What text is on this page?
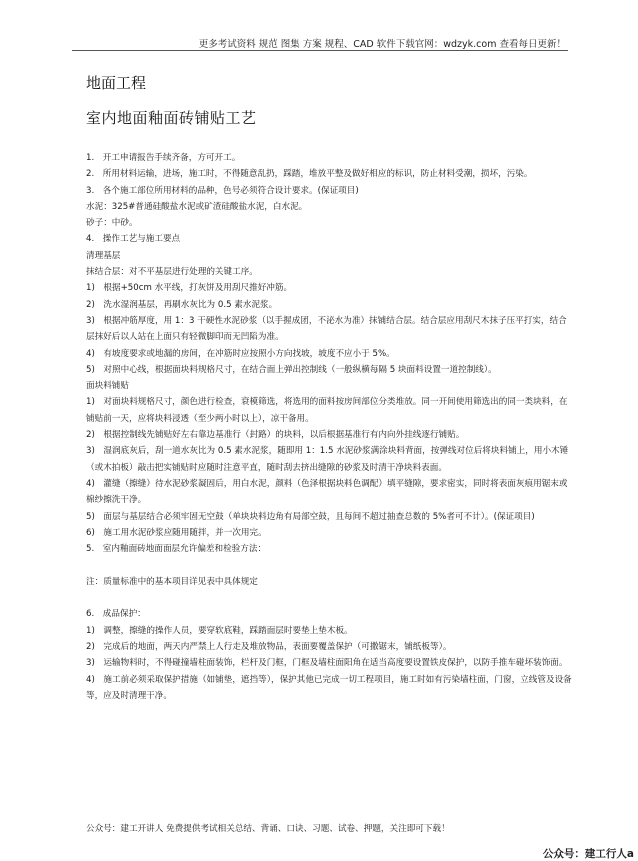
更多考试资料 规范 图集 方案 规程、CAD 软件下载官网：wdzyk.com 查看每日更新！
地面工程
室内地面釉面砖铺贴工艺

1.　开工申请报告手续齐备，方可开工。

2.　所用材料运输，进场，施工时，不得随意乱扔，踩踏，堆放平整及做好相应的标识，防止材料受潮，损坏，污染。

3.　各个施工部位所用材料的品种，色号必须符合设计要求。(保证项目)

水泥：325#普通硅酸盐水泥或矿渣硅酸盐水泥，白水泥。

砂子：中砂。

4.　操作工艺与施工要点

清理基层

抹结合层：对不平基层进行处理的关键工序。

1)　根据+50cm 水平线，打灰饼及用刮尺推好冲筋。

2)　洗水湿润基层，再刷水灰比为 0.5 素水泥浆。

3)　根据冲筋厚度，用 1：3 干硬性水泥砂浆（以手握成团，不泌水为准）抹铺结合层。结合层应用刮尺木抹子压平打实，结合层抹好后以人站在上面只有轻微脚印而无凹陷为准。

4)　有坡度要求或地漏的房间，在冲筋时应按照小方向找坡，坡度不应小于 5%。

5)　对照中心线，根据面块料规格尺寸，在结合面上弹出控制线（一般纵横每隔 5 块面料设置一道控制线）。

面块料铺贴

1)　对面块料规格尺寸，颜色进行检查，衰模筛选，将选用的面料按房间部位分类堆放。同一开间使用筛选出的同一类块料，在铺贴前一天，应将块料浸透（至少两小时以上），凉干备用。

2)　根据控制线先铺贴好左右靠边基准行（封路）的块料，以后根据基准行有内向外挂线逐行铺贴。

3)　湿润底灰后，刮一道水灰比为 0.5 素水泥浆，随即用 1：1.5 水泥砂浆满涂块料背面，按弹线对位后将块料铺上，用小木锤（或木拍板）敲击把实铺贴时应随时注意平直，随时刮去挤出缝隙的砂浆及时清干净块料表面。

4)　灌缝（擦缝）待水泥砂浆凝固后，用白水泥，颜料（色泽根据块料色调配）填平缝隙，要求密实，同时将表面灰痕用锯末或棉纱擦洗干净。

5)　面层与基层结合必须牢固无空鼓（单块块料边角有局部空鼓，且每间不超过抽查总数的 5%者可不计）。(保证项目)

6)　施工用水泥砂浆应随用随拌，并一次用完。

5.　室内釉面砖地面面层允许偏差和检验方法：

注：质量标准中的基本项目详见表中具体规定

6.　成品保护：

1)　调整，擦缝的操作人员，要穿软底鞋，踩踏面层时要垫上垫木板。

2)　完成后的地面，两天内严禁上人行走及堆放物品，表面要覆盖保护（可撒锯末，铺纸板等）。

3)　运输物料时，不得碰撞墙柱面装饰，栏杆及门框，门框及墙柱面阳角在适当高度要设置铁皮保护，以防手推车碰坏装饰面。

4)　施工前必须采取保护措施（如铺垫，遮挡等），保护其他已完成一切工程项目，施工时如有污染墙柱面，门窗，立线管及设备等，应及时清理干净。

公众号：建工开讲人 免费提供考试相关总结、背诵、口诀、习题、试卷、押题，关注即可下载！
公众号：建工行人a
